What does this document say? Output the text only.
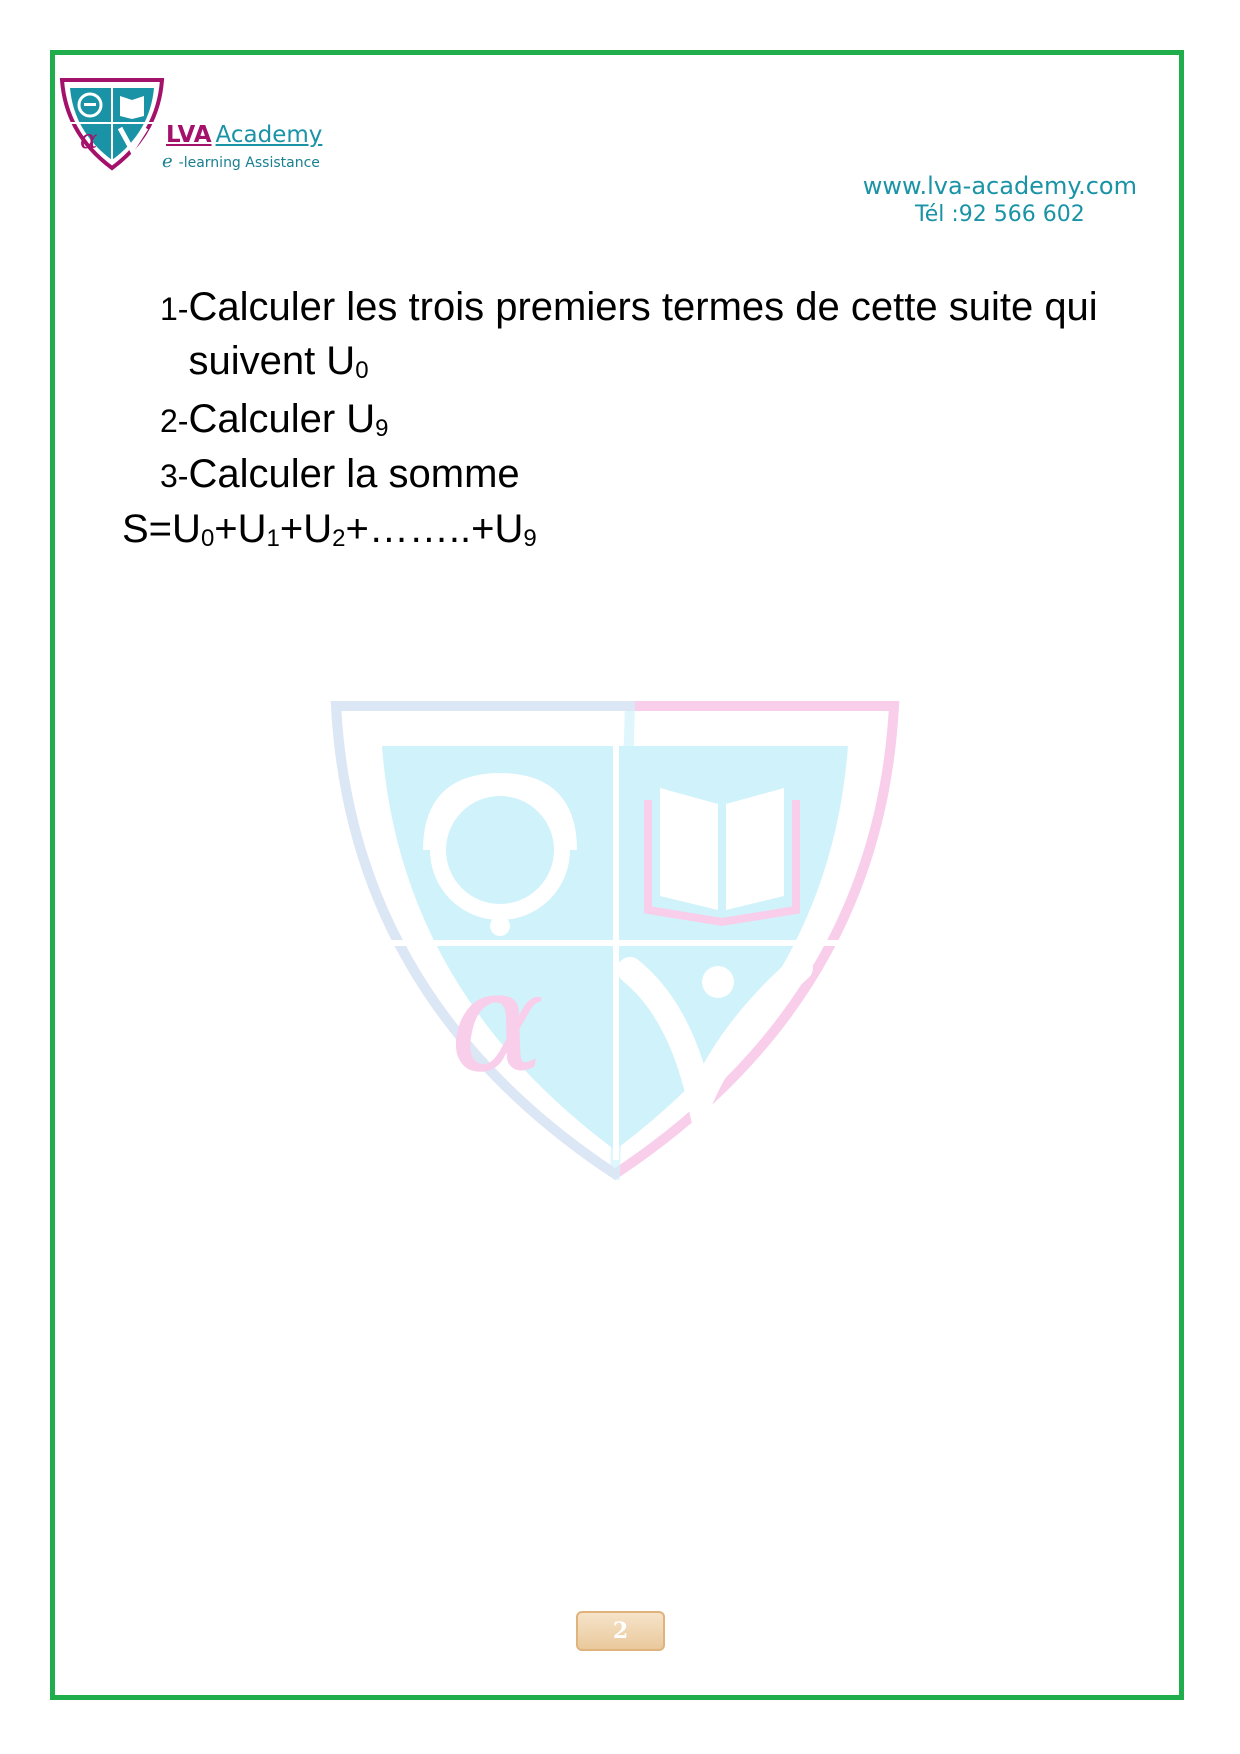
α	LVA Academy
e -learning Assistance
www.lva-academy.com
Tél :92 566 602
1-Calculer les trois premiers termes de cette suite qui suivent $U_0$
2-Calculer $U_9$
3-Calculer la somme
$S=U_0+U_1+U_2+\dots\dots..+U_9$
α
2
